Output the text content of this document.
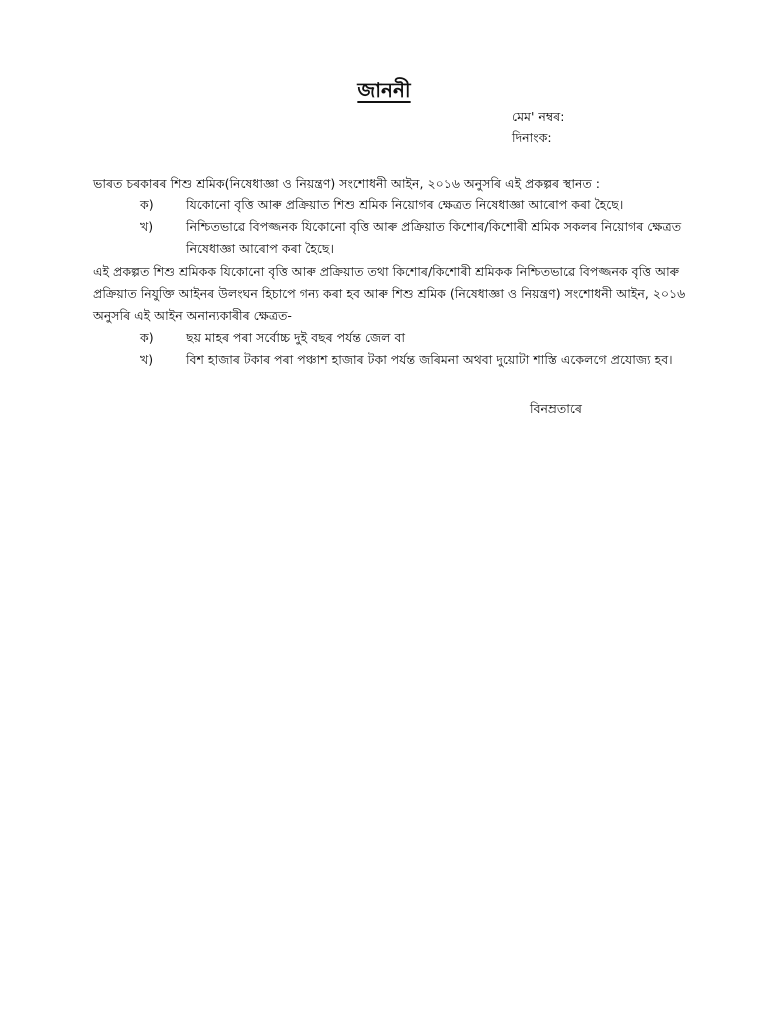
জাননী
মেম' নম্বৰ:
দিনাংক:
ভাৰত চৰকাৰৰ শিশু শ্ৰমিক(নিষেধাজ্ঞা ও নিয়ন্ত্ৰণ) সংশোধনী আইন, ২০১৬ অনুসৰি এই প্ৰকল্পৰ স্থানত :
ক)	যিকোনো বৃত্তি আৰু প্ৰক্ৰিয়াত শিশু শ্ৰমিক নিয়োগৰ ক্ষেত্ৰত নিষেধাজ্ঞা আৰোপ কৰা হৈছে।
খ)	নিশ্চিতভাৱে বিপজ্জনক যিকোনো বৃত্তি আৰু প্ৰক্ৰিয়াত কিশোৰ/কিশোৰী শ্ৰমিক সকলৰ নিয়োগৰ ক্ষেত্ৰত
নিষেধাজ্ঞা আৰোপ কৰা হৈছে।
এই প্ৰকল্পত শিশু শ্ৰমিকক যিকোনো বৃত্তি আৰু প্ৰক্ৰিয়াত তথা কিশোৰ/কিশোৰী শ্ৰমিকক নিশ্চিতভাৱে বিপজ্জনক বৃত্তি আৰু
প্ৰক্ৰিয়াত নিযুক্তি আইনৰ উলংঘন হিচাপে গন্য কৰা হব আৰু শিশু শ্ৰমিক (নিষেধাজ্ঞা ও নিয়ন্ত্ৰণ) সংশোধনী আইন, ২০১৬
অনুসৰি এই আইন অনান্যকাৰীৰ ক্ষেত্ৰত-
ক)	ছয় মাহৰ পৰা সৰ্বোচ্চ দুই বছৰ পৰ্যন্ত জেল বা
খ)	বিশ হাজাৰ টকাৰ পৰা পঞ্চাশ হাজাৰ টকা পৰ্যন্ত জৰিমনা অথবা দুয়োটা শাস্তি একেলগে প্ৰযোজ্য হব।
বিনম্ৰতাৰে
